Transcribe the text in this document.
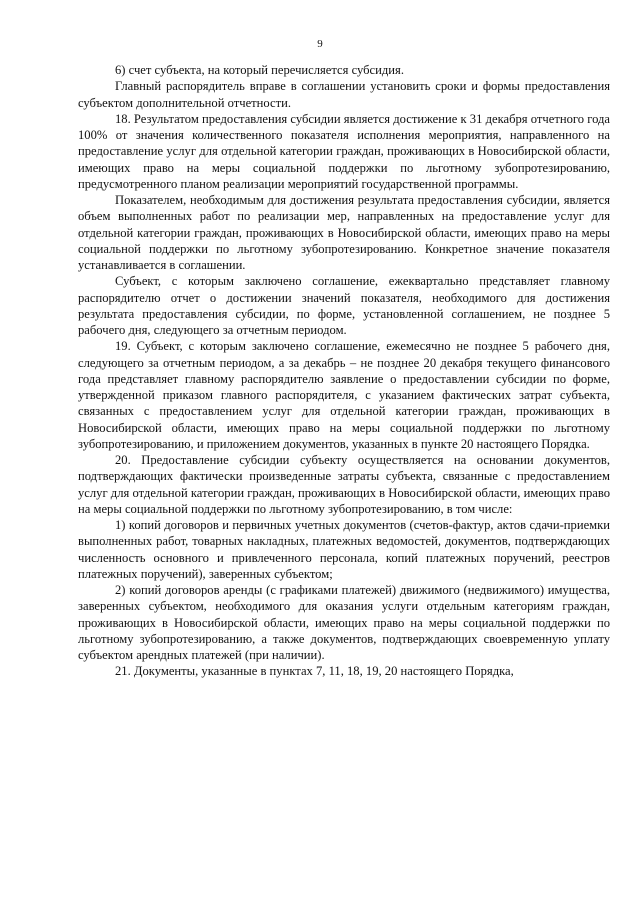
9

6) счет субъекта, на который перечисляется субсидия.

Главный распорядитель вправе в соглашении установить сроки и формы предоставления субъектом дополнительной отчетности.

18. Результатом предоставления субсидии является достижение к 31 декабря отчетного года 100% от значения количественного показателя исполнения мероприятия, направленного на предоставление услуг для отдельной категории граждан, проживающих в Новосибирской области, имеющих право на меры социальной поддержки по льготному зубопротезированию, предусмотренного планом реализации мероприятий государственной программы.

Показателем, необходимым для достижения результата предоставления субсидии, является объем выполненных работ по реализации мер, направленных на предоставление услуг для отдельной категории граждан, проживающих в Новосибирской области, имеющих право на меры социальной поддержки по льготному зубопротезированию. Конкретное значение показателя устанавливается в соглашении.

Субъект, с которым заключено соглашение, ежеквартально представляет главному распорядителю отчет о достижении значений показателя, необходимого для достижения результата предоставления субсидии, по форме, установленной соглашением, не позднее 5 рабочего дня, следующего за отчетным периодом.

19. Субъект, с которым заключено соглашение, ежемесячно не позднее 5 рабочего дня, следующего за отчетным периодом, а за декабрь – не позднее 20 декабря текущего финансового года представляет главному распорядителю заявление о предоставлении субсидии по форме, утвержденной приказом главного распорядителя, с указанием фактических затрат субъекта, связанных с предоставлением услуг для отдельной категории граждан, проживающих в Новосибирской области, имеющих право на меры социальной поддержки по льготному зубопротезированию, и приложением документов, указанных в пункте 20 настоящего Порядка.

20. Предоставление субсидии субъекту осуществляется на основании документов, подтверждающих фактически произведенные затраты субъекта, связанные с предоставлением услуг для отдельной категории граждан, проживающих в Новосибирской области, имеющих право на меры социальной поддержки по льготному зубопротезированию, в том числе:

1) копий договоров и первичных учетных документов (счетов-фактур, актов сдачи-приемки выполненных работ, товарных накладных, платежных ведомостей, документов, подтверждающих численность основного и привлеченного персонала, копий платежных поручений, реестров платежных поручений), заверенных субъектом;

2) копий договоров аренды (с графиками платежей) движимого (недвижимого) имущества, заверенных субъектом, необходимого для оказания услуги отдельным категориям граждан, проживающих в Новосибирской области, имеющих право на меры социальной поддержки по льготному зубопротезированию, а также документов, подтверждающих своевременную уплату субъектом арендных платежей (при наличии).

21. Документы, указанные в пунктах 7, 11, 18, 19, 20 настоящего Порядка,
